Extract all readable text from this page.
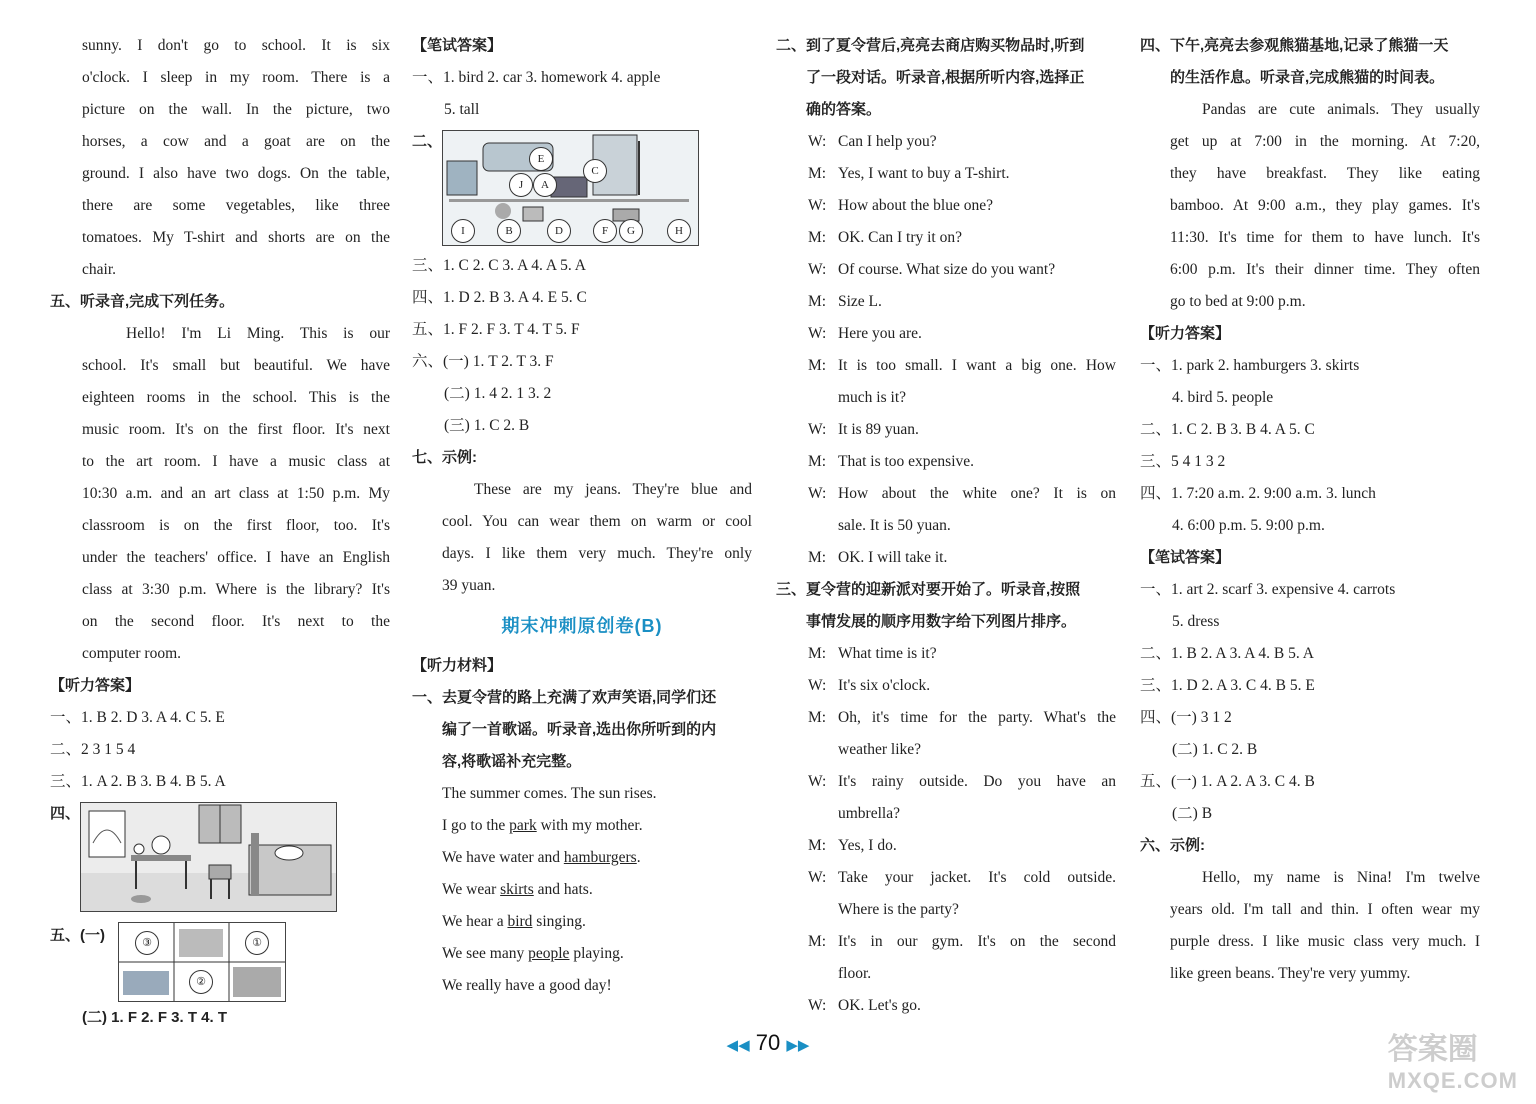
sunny. I don't go to school. It is six
o'clock. I sleep in my room. There is a
picture on the wall. In the picture, two
horses, a cow and a goat are on the
ground. I also have two dogs. On the table,
there are some vegetables, like three
tomatoes. My T-shirt and shorts are on the
chair.
五、听录音,完成下列任务。
Hello! I'm Li Ming. This is our
school. It's small but beautiful. We have
eighteen rooms in the school. This is the
music room. It's on the first floor. It's next
to the art room. I have a music class at
10:30 a.m. and an art class at 1:50 p.m. My
classroom is on the first floor, too. It's
under the teachers' office. I have an English
class at 3:30 p.m. Where is the library? It's
on the second floor. It's next to the
computer room.
【听力答案】
一、1. B 2. D 3. A 4. C 5. E
二、2 3 1 5 4
三、1. A 2. B 3. B 4. B 5. A
四、
五、(一)	③	①
②
(二) 1. F 2. F 3. T 4. T
【笔试答案】
一、1. bird 2. car 3. homework 4. apple
5. tall
二、
E
J	A
C
I	B	D	F	G	H
三、1. C 2. C 3. A 4. A 5. A
四、1. D 2. B 3. A 4. E 5. C
五、1. F 2. F 3. T 4. T 5. F
六、(一) 1. T 2. T 3. F
(二) 1. 4 2. 1 3. 2
(三) 1. C 2. B
七、示例:
These are my jeans. They're blue and
cool. You can wear them on warm or cool
days. I like them very much. They're only
39 yuan.
期末冲刺原创卷(B)
【听力材料】
一、去夏令营的路上充满了欢声笑语,同学们还
编了一首歌谣。听录音,选出你所听到的内
容,将歌谣补充完整。
The summer comes. The sun rises.
I go to the park with my mother.
We have water and hamburgers.
We wear skirts and hats.
We hear a bird singing.
We see many people playing.
We really have a good day!
二、到了夏令营后,亮亮去商店购买物品时,听到
了一段对话。听录音,根据所听内容,选择正
确的答案。
W: Can I help you?
M: Yes, I want to buy a T-shirt.
W: How about the blue one?
M: OK. Can I try it on?
W: Of course. What size do you want?
M: Size L.
W: Here you are.
M: It is too small. I want a big one. How
much is it?
W: It is 89 yuan.
M: That is too expensive.
W: How about the white one? It is on
sale. It is 50 yuan.
M: OK. I will take it.
三、夏令营的迎新派对要开始了。听录音,按照
事情发展的顺序用数字给下列图片排序。
M: What time is it?
W: It's six o'clock.
M: Oh, it's time for the party. What's the
weather like?
W: It's rainy outside. Do you have an
umbrella?
M: Yes, I do.
W: Take your jacket. It's cold outside.
Where is the party?
M: It's in our gym. It's on the second
floor.
W: OK. Let's go.
四、下午,亮亮去参观熊猫基地,记录了熊猫一天
的生活作息。听录音,完成熊猫的时间表。
Pandas are cute animals. They usually
get up at 7:00 in the morning. At 7:20,
they have breakfast. They like eating
bamboo. At 9:00 a.m., they play games. It's
11:30. It's time for them to have lunch. It's
6:00 p.m. It's their dinner time. They often
go to bed at 9:00 p.m.
【听力答案】
一、1. park 2. hamburgers 3. skirts
4. bird 5. people
二、1. C 2. B 3. B 4. A 5. C
三、5 4 1 3 2
四、1. 7:20 a.m. 2. 9:00 a.m. 3. lunch
4. 6:00 p.m. 5. 9:00 p.m.
【笔试答案】
一、1. art 2. scarf 3. expensive 4. carrots
5. dress
二、1. B 2. A 3. A 4. B 5. A
三、1. D 2. A 3. C 4. B 5. E
四、(一) 3 1 2
(二) 1. C 2. B
五、(一) 1. A 2. A 3. C 4. B
(二) B
六、示例:
Hello, my name is Nina! I'm twelve
years old. I'm tall and thin. I often wear my
purple dress. I like music class very much. I
like green beans. They're very yummy.
◀◀ 70 ▶▶	答案圈
MXQE.COM
